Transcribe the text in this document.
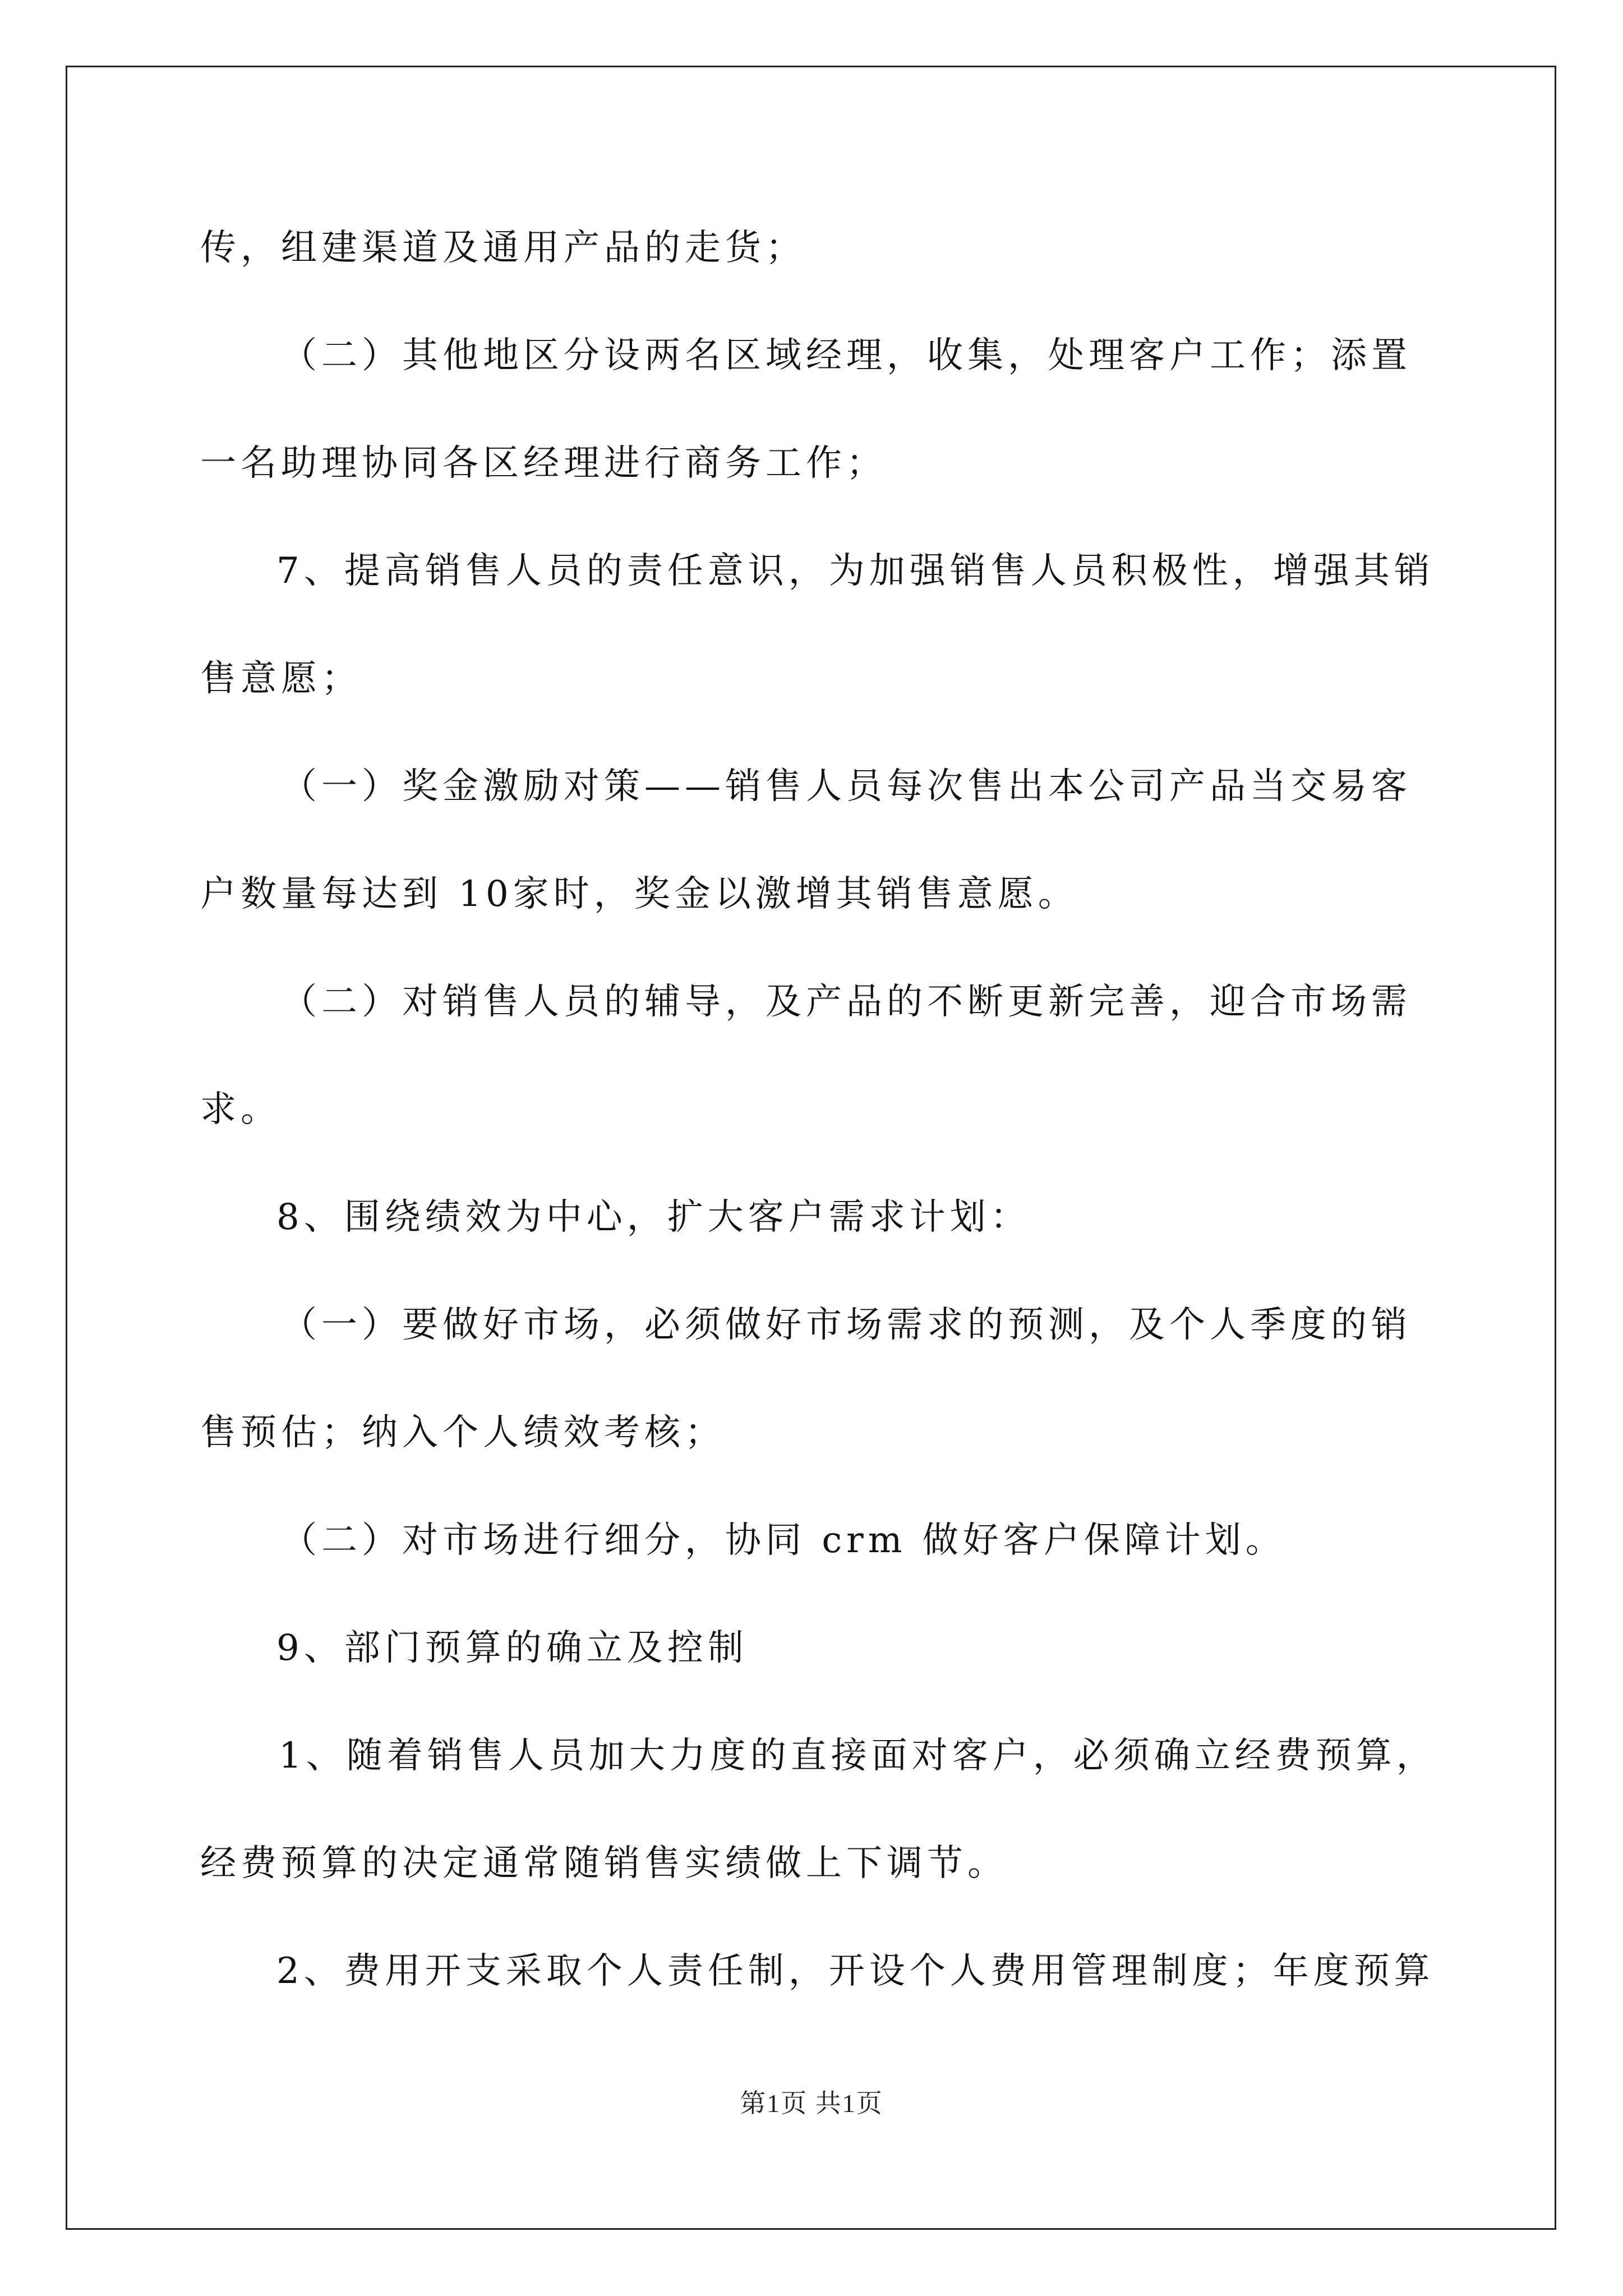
传，组建渠道及通用产品的走货；
（二）其他地区分设两名区域经理，收集，处理客户工作；添置
一名助理协同各区经理进行商务工作；
7、提高销售人员的责任意识，为加强销售人员积极性，增强其销
售意愿；
（一）奖金激励对策——销售人员每次售出本公司产品当交易客
户数量每达到 10家时，奖金以激增其销售意愿。
（二）对销售人员的辅导，及产品的不断更新完善，迎合市场需
求。
8、围绕绩效为中心，扩大客户需求计划：
（一）要做好市场，必须做好市场需求的预测，及个人季度的销
售预估；纳入个人绩效考核；
（二）对市场进行细分，协同 crm 做好客户保障计划。
9、部门预算的确立及控制
1、随着销售人员加大力度的直接面对客户，必须确立经费预算，
经费预算的决定通常随销售实绩做上下调节。
2、费用开支采取个人责任制，开设个人费用管理制度；年度预算
第1页 共1页
